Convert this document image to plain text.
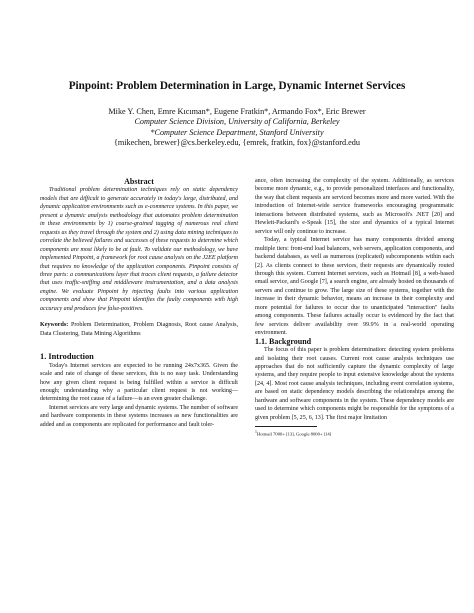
Pinpoint: Problem Determination in Large, Dynamic Internet Services
Mike Y. Chen, Emre Kıcıman*, Eugene Fratkin*, Armando Fox*, Eric Brewer
Computer Science Division, University of California, Berkeley
*Computer Science Department, Stanford University
{mikechen, brewer}@cs.berkeley.edu, {emrek, fratkin, fox}@stanford.edu

Abstract

Traditional problem determination techniques rely on static dependency models that are difficult to generate accurately in today's large, distributed, and dynamic application environments such as e-commerce systems. In this paper, we present a dynamic analysis methodology that automates problem determination in these environments by 1) coarse-grained tagging of numerous real client requests as they travel through the system and 2) using data mining techniques to correlate the believed failures and successes of these requests to determine which components are most likely to be at fault. To validate our methodology, we have implemented Pinpoint, a framework for root cause analysis on the J2EE platform that requires no knowledge of the application components. Pinpoint consists of three parts: a communications layer that traces client requests, a failure detector that uses traffic-sniffing and middleware instrumentation, and a data analysis engine. We evaluate Pinpoint by injecting faults into various application components and show that Pinpoint identifies the faulty components with high accuracy and produces few false-positives.

Keywords: Problem Determination, Problem Diagnosis, Root cause Analysis, Data Clustering, Data Mining Algorithms

1. Introduction

Today's Internet services are expected to be running 24x7x365. Given the scale and rate of change of these services, this is no easy task. Understanding how any given client request is being fulfilled within a service is difficult enough; understanding why a particular client request is not working—determining the root cause of a failure—is an even greater challenge.

Internet services are very large and dynamic systems. The number of software and hardware components in these systems increases as new functionalities are added and as components are replicated for performance and fault toler-

ance, often increasing the complexity of the system. Additionally, as services become more dynamic, e.g., to provide personalized interfaces and functionality, the way that client requests are serviced becomes more and more varied. With the introduction of Internet-wide service frameworks encouraging programmatic interactions between distributed systems, such as Microsoft's .NET [20] and Hewlett-Packard's e-Speak [15], the size and dynamics of a typical Internet service will only continue to increase.

Today, a typical Internet service has many components divided among multiple tiers: front-end load balancers, web servers, application components, and backend databases, as well as numerous (replicated) subcomponents within each [2]. As clients connect to these services, their requests are dynamically routed through this system. Current Internet services, such as Hotmail [8], a web-based email service, and Google [7], a search engine, are already hosted on thousands of servers and continue to grow. The large size of these systems, together with the increase in their dynamic behavior, means an increase in their complexity and more potential for failures to occur due to unanticipated "interaction" faults among components. These failures actually occur is evidenced by the fact that few services deliver availability over 99.9% in a real-world operating environment.

1.1. Background

The focus of this paper is problem determination: detecting system problems and isolating their root causes. Current root cause analysis techniques use approaches that do not sufficiently capture the dynamic complexity of large systems, and they require people to input extensive knowledge about the systems [24, 4]. Most root cause analysis techniques, including event correlation systems, are based on static dependency models describing the relationships among the hardware and software components in the system. These dependency models are used to determine which components might be responsible for the symptoms of a given problem [5, 25, 6, 13]. The first major limitation

$^1$Hotmail 7000+ [13], Google 8000+ [14]
